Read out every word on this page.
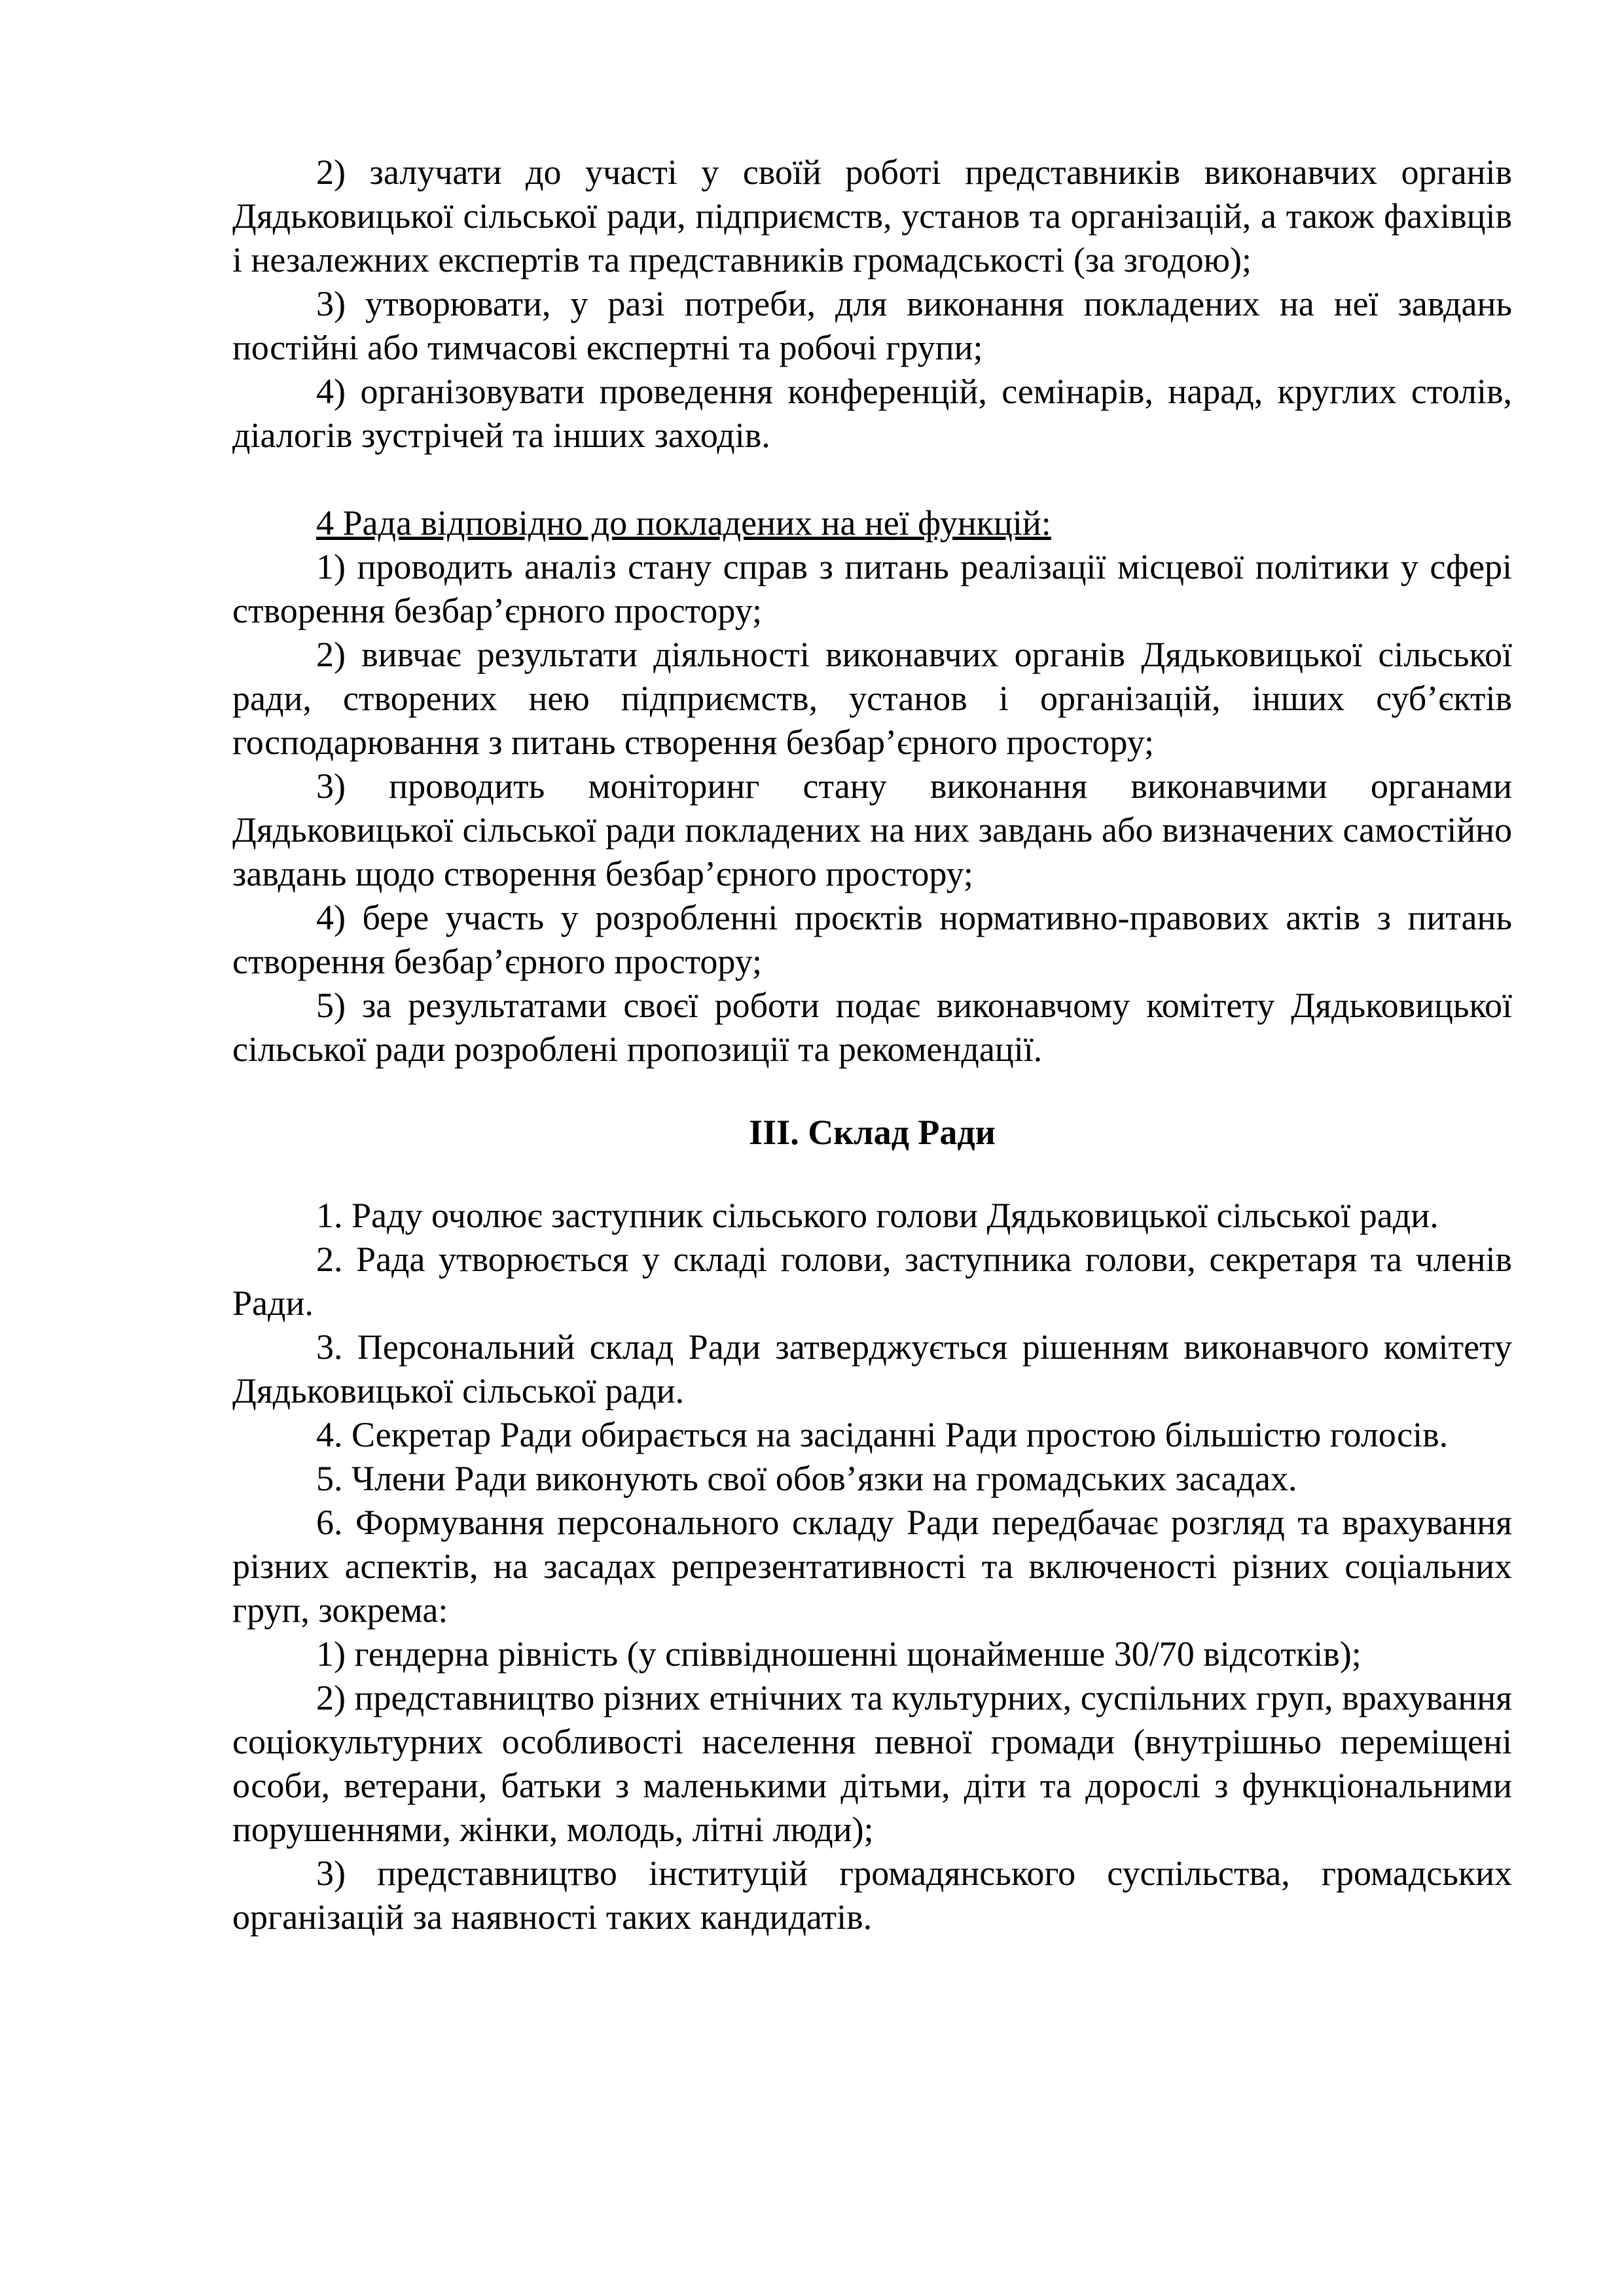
2) залучати до участі у своїй роботі представників виконавчих органів Дядьковицької сільської ради, підприємств, установ та організацій, а також фахівців і незалежних експертів та представників громадськості (за згодою);

3) утворювати, у разі потреби, для виконання покладених на неї завдань постійні або тимчасові експертні та робочі групи;

4) організовувати проведення конференцій, семінарів, нарад, круглих столів, діалогів зустрічей та інших заходів.

4 Рада відповідно до покладених на неї функцій:

1) проводить аналіз стану справ з питань реалізації місцевої політики у сфері створення безбар’єрного простору;

2) вивчає результати діяльності виконавчих органів Дядьковицької сільської ради, створених нею підприємств, установ і організацій, інших суб’єктів господарювання з питань створення безбар’єрного простору;

3) проводить моніторинг стану виконання виконавчими органами Дядьковицької сільської ради покладених на них завдань або визначених самостійно завдань щодо створення безбар’єрного простору;

4) бере участь у розробленні проєктів нормативно-правових актів з питань створення безбар’єрного простору;

5) за результатами своєї роботи подає виконавчому комітету Дядьковицької сільської ради розроблені пропозиції та рекомендації.

ІІІ. Склад Ради

1. Раду очолює заступник сільського голови Дядьковицької сільської ради.

2. Рада утворюється у складі голови, заступника голови, секретаря та членів Ради.

3. Персональний склад Ради затверджується рішенням виконавчого комітету Дядьковицької сільської ради.

4. Секретар Ради обирається на засіданні Ради простою більшістю голосів.

5. Члени Ради виконують свої обов’язки на громадських засадах.

6. Формування персонального складу Ради передбачає розгляд та врахування різних аспектів, на засадах репрезентативності та включеності різних соціальних груп, зокрема:

1) гендерна рівність (у співвідношенні щонайменше 30/70 відсотків);

2) представництво різних етнічних та культурних, суспільних груп, врахування соціокультурних особливості населення певної громади (внутрішньо переміщені особи, ветерани, батьки з маленькими дітьми, діти та дорослі з функціональними порушеннями, жінки, молодь, літні люди);

3) представництво інституцій громадянського суспільства, громадських організацій за наявності таких кандидатів.
